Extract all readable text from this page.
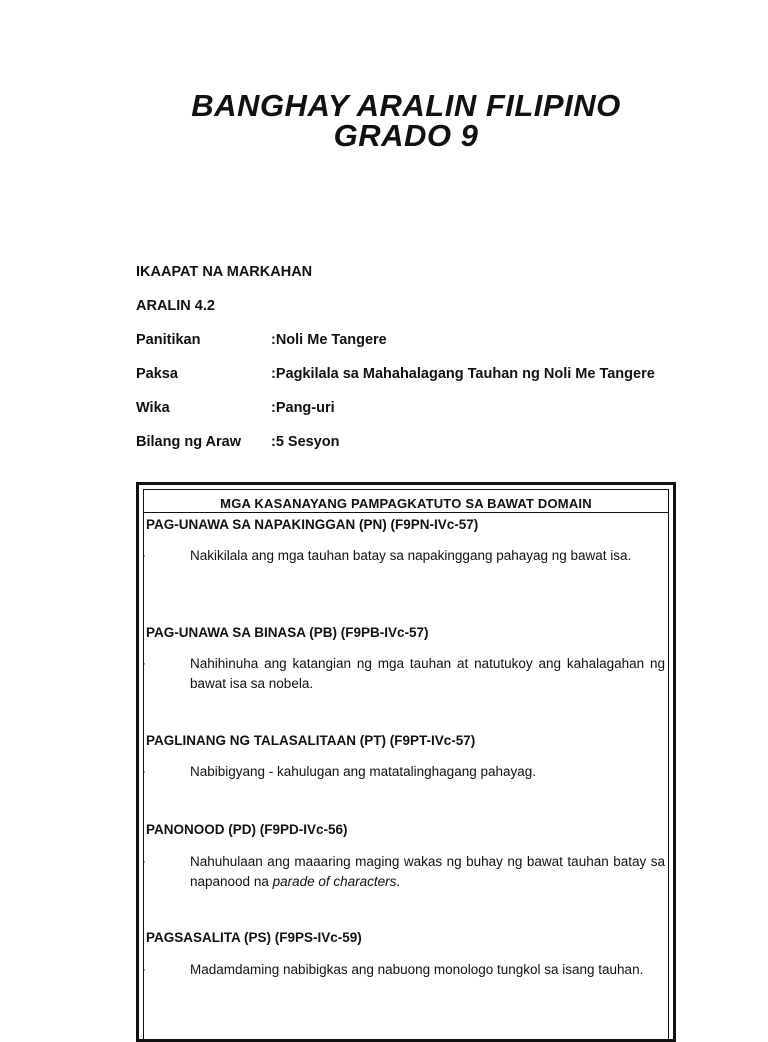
BANGHAY ARALIN FILIPINO
GRADO 9
IKAAPAT NA MARKAHAN
ARALIN 4.2
Panitikan	:Noli Me Tangere
Paksa	:Pagkilala sa Mahahalagang Tauhan ng Noli Me Tangere
Wika	:Pang-uri
Bilang ng Araw :5 Sesyon
MGA KASANAYANG PAMPAGKATUTO SA BAWAT DOMAIN
PAG-UNAWA SA NAPAKINGGAN (PN) (F9PN-IVc-57)
·	Nakikilala ang mga tauhan batay sa napakinggang pahayag ng bawat isa.
PAG-UNAWA SA BINASA (PB) (F9PB-IVc-57)
·	Nahihinuha ang katangian ng mga tauhan at natutukoy ang kahalagahan ng bawat isa sa nobela.
PAGLINANG NG TALASALITAAN (PT) (F9PT-IVc-57)
·	Nabibigyang - kahulugan ang matatalinghagang pahayag.
PANONOOD (PD) (F9PD-IVc-56)
·	Nahuhulaan ang maaaring maging wakas ng buhay ng bawat tauhan batay sa napanood na parade of characters.
PAGSASALITA (PS) (F9PS-IVc-59)
·	Madamdaming nabibigkas ang nabuong monologo tungkol sa isang tauhan.
